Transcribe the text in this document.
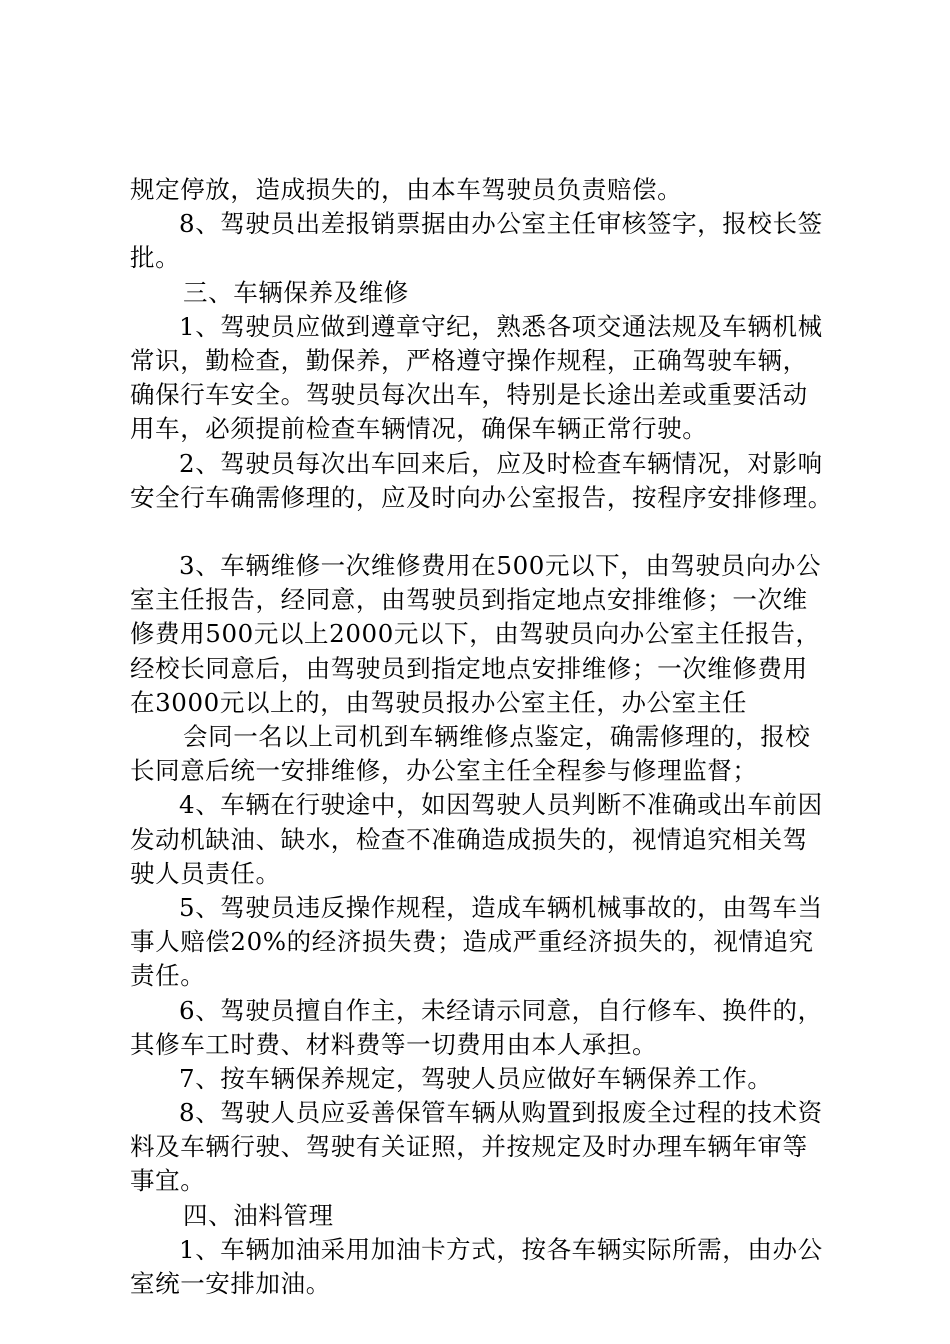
规定停放，造成损失的，由本车驾驶员负责赔偿。
8、驾驶员出差报销票据由办公室主任审核签字，报校长签
批。
三、车辆保养及维修
1、驾驶员应做到遵章守纪，熟悉各项交通法规及车辆机械
常识，勤检查，勤保养，严格遵守操作规程，正确驾驶车辆，
确保行车安全。驾驶员每次出车，特别是长途出差或重要活动
用车，必须提前检查车辆情况，确保车辆正常行驶。
2、驾驶员每次出车回来后，应及时检查车辆情况，对影响
安全行车确需修理的，应及时向办公室报告，按程序安排修理。
3、车辆维修一次维修费用在500元以下，由驾驶员向办公
室主任报告，经同意，由驾驶员到指定地点安排维修；一次维
修费用500元以上2000元以下，由驾驶员向办公室主任报告，
经校长同意后，由驾驶员到指定地点安排维修；一次维修费用
在3000元以上的，由驾驶员报办公室主任，办公室主任
会同一名以上司机到车辆维修点鉴定，确需修理的，报校
长同意后统一安排维修，办公室主任全程参与修理监督；
4、车辆在行驶途中，如因驾驶人员判断不准确或出车前因
发动机缺油、缺水，检查不准确造成损失的，视情追究相关驾
驶人员责任。
5、驾驶员违反操作规程，造成车辆机械事故的，由驾车当
事人赔偿20%的经济损失费；造成严重经济损失的，视情追究
责任。
6、驾驶员擅自作主，未经请示同意，自行修车、换件的，
其修车工时费、材料费等一切费用由本人承担。
7、按车辆保养规定，驾驶人员应做好车辆保养工作。
8、驾驶人员应妥善保管车辆从购置到报废全过程的技术资
料及车辆行驶、驾驶有关证照，并按规定及时办理车辆年审等
事宜。
四、油料管理
1、车辆加油采用加油卡方式，按各车辆实际所需，由办公
室统一安排加油。
